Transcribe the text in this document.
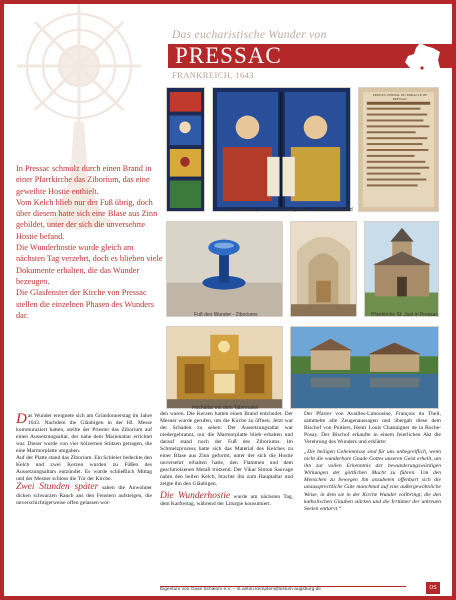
Das eucharistische Wunder von
PRESSAC
FRANKREICH, 1643

In Pressac schmolz durch einen Brand in einer Pfarrkirche das Ziborium, das eine geweihte Hostie enthielt.

Vom Kelch blieb nur der Fuß übrig, doch über diesem hatte sich eine Blase aus Zinn gebildet, unter der sich die unversehrte Hostie befand.

Die Wunderhostie wurde gleich am nächsten Tag verzehrt, doch es blieben viele Dokumente erhalten, die das Wunder bezeugen.

Die Glasfenster der Kirche von Pressac stellen die einzelnen Phasen des Wunders dar.

Das Wunder, wie es von François du Theil berichtet wird
PROCES-VERBAL DU MIRACLE DE PRESSAC
Fuß des Wunder - Ziboriums	Pfarrkirche St. Just in Pressac
Hochaltar mit dem Tabernakel

Das Wunder ereignete sich am Gründonnerstag im Jahre 1643. Nachdem die Gläubigen in der Hl. Messe kommuniziert hatten, stellte der Priester das Ziborium auf einen Aussetzungsaltar, der nahe dem Marienaltar errichtet war. Dieser wurde von vier hölzernen Stützen getragen, die eine Marmorplatte umgaben.

Auf der Platte stand das Ziborium. Ein Schleier bedeckte den Kelch und zwei Kerzen wurden zu Füßen des Aussetzungsaltars entzündet. Es wurde schließlich Mittag und der Mesner schloss die Tür der Kirche.

Zwei Stunden später sahen die Anwohner dicken schwarzen Rauch aus den Fenstern aufsteigen, die unverschichtigerweise offen gelassen wor-

den waren. Die Kerzen hatten einen Brand entzündet. Der Mesner wurde gerufen, um die Kirche zu öffnen. Jetzt war der Schaden zu sehen: Der Aussetzungsaltar war niedergebrannt, nur die Marmorplatte blieb erhalten und darauf stand noch der Fuß des Ziboriums. Im Schmelzprozess hatte sich das Material des Kelches zu einer Blase aus Zinn geformt, unter der sich die Hostie unversehrt erhalten hatte, den Flammen und dem geschmolzenen Metall trotzend. Der Vikar Simon Sauvage nahm den heilen Kelch, brachte ihn zum Hauptaltar und zeigte ihn den Gläubigen.

Die Wunderhostie wurde am nächsten Tag, dem Karfreitag, während der Liturgie konsumiert.

Der Pfarrer von Availles-Limousine, François du Theil, sammelte alle Zeugenaussagen und übergab diese dem Bischof von Poitiers, Henri Louis Chastaigner de la Roche-Posay. Der Bischof erkaufte in einem feierlichen Akt die Verehrung des Wunders und erklärte:

„Die heiligen Geheimnisse sind für uns unbegreiflich, wenn nicht die wunderbare Gnade Gottes unseren Geist erhellt, um ihn zur vollen Erkenntnis der bewunderungswürdigen Wirkungen der göttlichen Macht zu führen. Um den Menschen zu bewegen ihn anzubeten offenbart sich die unaussprechliche Güte manchmal auf eine außergewöhnliche Weise, in dem sie in der Kirche Wunder vollbringt, die den katholischen Glauben stärken und die Irrtümer der untreuen Seelen entlarvt.“

Eigentum von Oase Schalom e.V. – st.anton.kempten@bistum-augsburg.de	OS
